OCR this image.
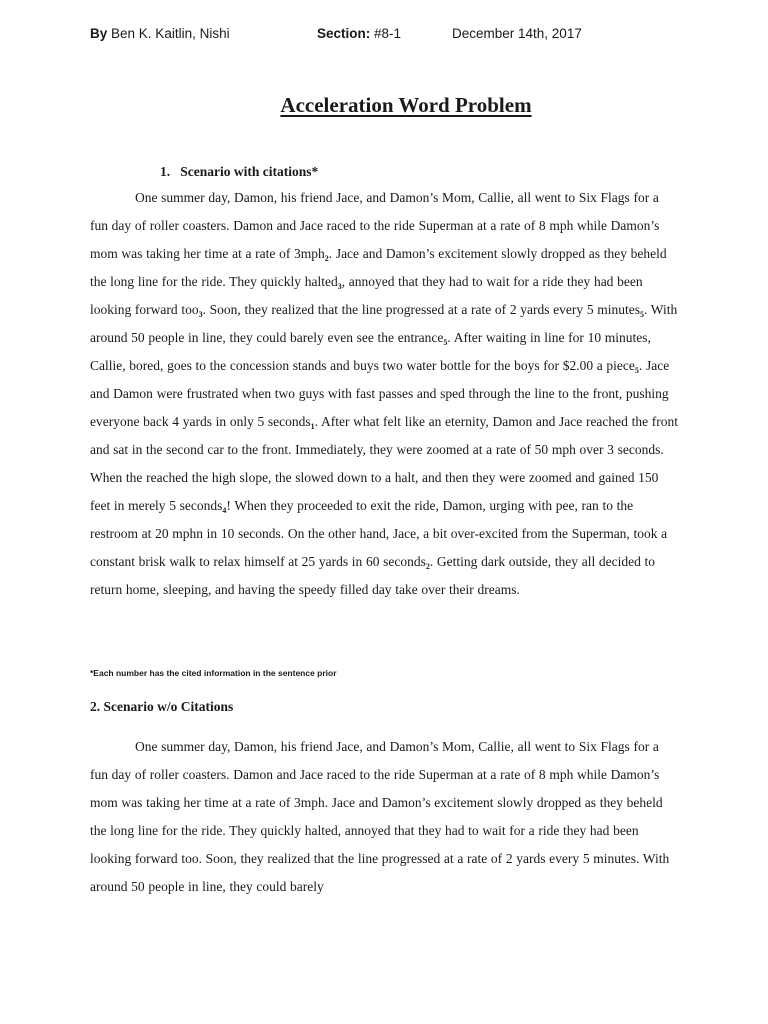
By Ben K. Kaitlin, Nishi	Section: #8-1	December 14th, 2017
Acceleration Word Problem
1.   Scenario with citations*

One summer day, Damon, his friend Jace, and Damon’s Mom, Callie, all went to Six Flags for a fun day of roller coasters. Damon and Jace raced to the ride Superman at a rate of 8 mph while Damon’s mom was taking her time at a rate of 3mph$_2$. Jace and Damon’s excitement slowly dropped as they beheld the long line for the ride. They quickly halted$_3$, annoyed that they had to wait for a ride they had been looking forward too$_3$. Soon, they realized that the line progressed at a rate of 2 yards every 5 minutes$_5$. With around 50 people in line, they could barely even see the entrance$_5$. After waiting in line for 10 minutes, Callie, bored, goes to the concession stands and buys two water bottle for the boys for $2.00 a piece$_5$. Jace and Damon were frustrated when two guys with fast passes and sped through the line to the front, pushing everyone back 4 yards in only 5 seconds$_1$. After what felt like an eternity, Damon and Jace reached the front and sat in the second car to the front. Immediately, they were zoomed at a rate of 50 mph over 3 seconds. When the reached the high slope, the slowed down to a halt, and then they were zoomed and gained 150 feet in merely 5 seconds$_4$! When they proceeded to exit the ride, Damon, urging with pee, ran to the restroom at 20 mphn in 10 seconds. On the other hand, Jace, a bit over-excited from the Superman, took a constant brisk walk to relax himself at 25 yards in 60 seconds$_2$. Getting dark outside, they all decided to return home, sleeping, and having the speedy filled day take over their dreams.

*Each number has the cited information in the sentence prior
2. Scenario w/o Citations

One summer day, Damon, his friend Jace, and Damon’s Mom, Callie, all went to Six Flags for a fun day of roller coasters. Damon and Jace raced to the ride Superman at a rate of 8 mph while Damon’s mom was taking her time at a rate of 3mph. Jace and Damon’s excitement slowly dropped as they beheld the long line for the ride. They quickly halted, annoyed that they had to wait for a ride they had been looking forward too. Soon, they realized that the line progressed at a rate of 2 yards every 5 minutes. With around 50 people in line, they could barely
